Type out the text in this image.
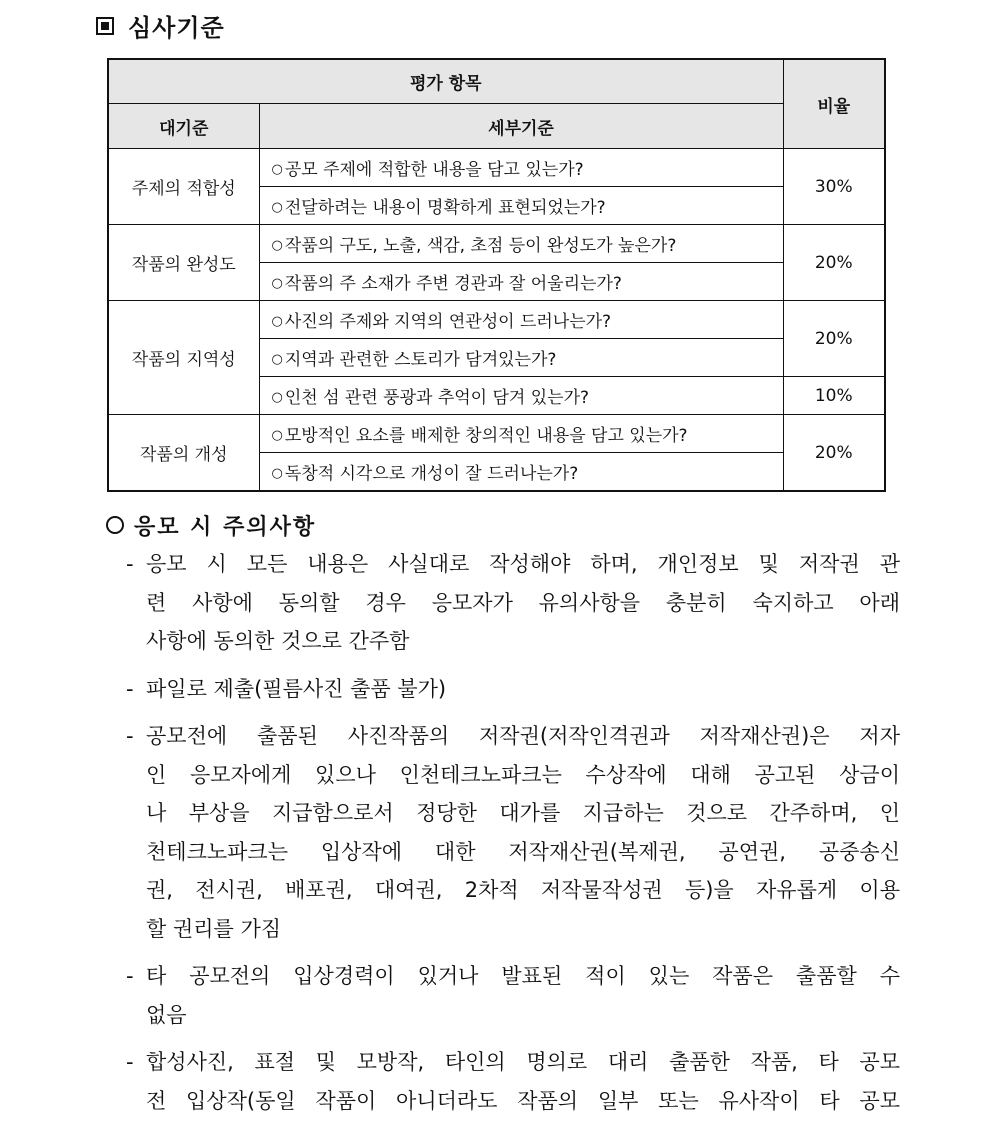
심사기준
평가 항목		비율
대기준	세부기준	
주제의 적합성	○ 공모 주제에 적합한 내용을 담고 있는가?	30%
	○ 전달하려는 내용이 명확하게 표현되었는가?	
작품의 완성도	○ 작품의 구도, 노출, 색감, 초점 등이 완성도가 높은가?	20%
	○ 작품의 주 소재가 주변 경관과 잘 어울리는가?	
작품의 지역성	○ 사진의 주제와 지역의 연관성이 드러나는가?	20%
	○ 지역과 관련한 스토리가 담겨있는가?	
	○ 인천 섬 관련 풍광과 추억이 담겨 있는가?	10%
작품의 개성	○ 모방적인 요소를 배제한 창의적인 내용을 담고 있는가?	20%
	○ 독창적 시각으로 개성이 잘 드러나는가?	
응모 시 주의사항
- 응모 시 모든 내용은 사실대로 작성해야 하며, 개인정보 및 저작권 관
련 사항에 동의할 경우 응모자가 유의사항을 충분히 숙지하고 아래
사항에 동의한 것으로 간주함
- 파일로 제출(필름사진 출품 불가)
- 공모전에 출품된 사진작품의 저작권(저작인격권과 저작재산권)은 저자
인 응모자에게 있으나 인천테크노파크는 수상작에 대해 공고된 상금이
나 부상을 지급함으로서 정당한 대가를 지급하는 것으로 간주하며, 인
천테크노파크는 입상작에 대한 저작재산권(복제권, 공연권, 공중송신
권, 전시권, 배포권, 대여권, 2차적 저작물작성권 등)을 자유롭게 이용
할 권리를 가짐
- 타 공모전의 입상경력이 있거나 발표된 적이 있는 작품은 출품할 수
없음
- 합성사진, 표절 및 모방작, 타인의 명의로 대리 출품한 작품, 타 공모
전 입상작(동일 작품이 아니더라도 작품의 일부 또는 유사작이 타 공모
